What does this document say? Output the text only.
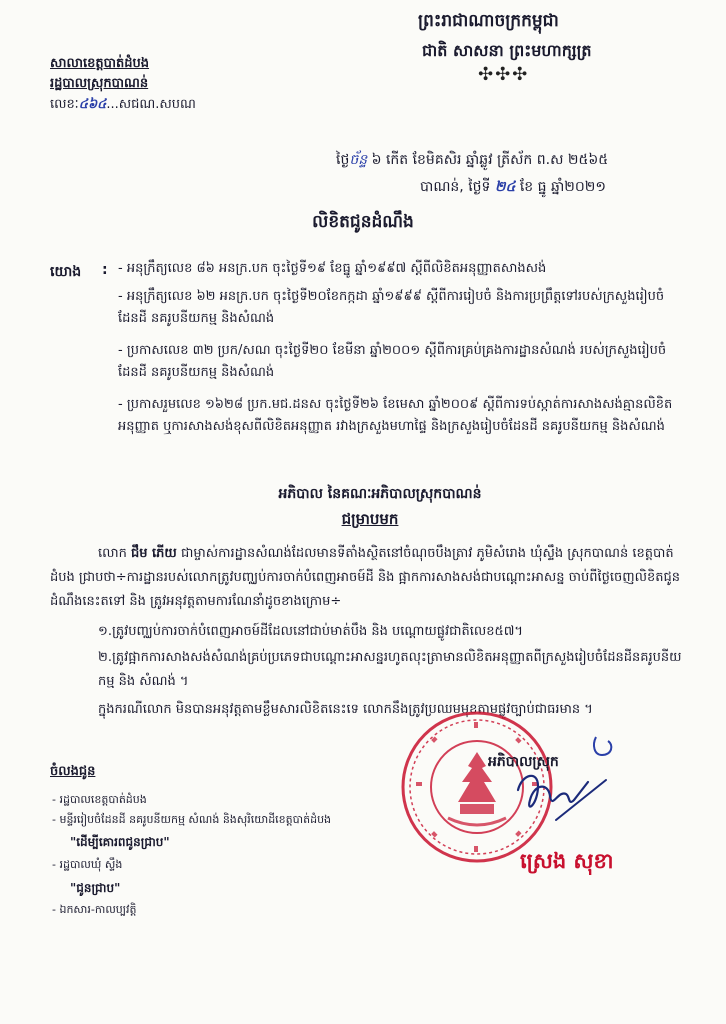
ព្រះរាជាណាចក្រកម្ពុជា
ជាតិ សាសនា ព្រះមហាក្សត្រ
✣✣✣
សាលាខេត្តបាត់ដំបង
រដ្ឋបាលស្រុកបាណន់
លេខៈ៤៦៤...សជណ.សបណ
ថ្ងៃច័ន្ទ ៦ កើត ខែមិគសិរ ឆ្នាំឆ្លូវ ត្រីស័ក ព.ស ២៥៦៥
បាណន់, ថ្ងៃទី ២៤ ខែ ធ្នូ ឆ្នាំ២០២១
លិខិតជូនដំណឹង
យោង : - អនុក្រឹត្យលេខ ៨៦ អនក្រ.បក ចុះថ្ងៃទី១៩ ខែធ្នូ ឆ្នាំ១៩៩៧ ស្តីពីលិខិតអនុញ្ញាតសាងសង់
- អនុក្រឹត្យលេខ ៦២ អនក្រ.បក ចុះថ្ងៃទី២០ខែកក្កដា ឆ្នាំ១៩៩៩ ស្តីពីការរៀបចំ និងការប្រព្រឹត្តទៅរបស់ក្រសួងរៀបចំដែនដី នគរូបនីយកម្ម និងសំណង់
- ប្រកាសលេខ ៣២ ប្រក/សណ ចុះថ្ងៃទី២០ ខែមីនា ឆ្នាំ២០០១ ស្តីពីការគ្រប់គ្រងការដ្ឋានសំណង់ របស់ក្រសួងរៀបចំដែនដី នគរូបនីយកម្ម និងសំណង់
- ប្រកាសរួមលេខ ១៦២៨ ប្រក.មជ.ដនស ចុះថ្ងៃទី២៦ ខែមេសា ឆ្នាំ២០០៩ ស្តីពីការទប់ស្កាត់ការសាងសង់គ្មានលិខិតអនុញ្ញាត ឬការសាងសង់ខុសពីលិខិតអនុញ្ញាត រវាងក្រសួងមហាផ្ទៃ និងក្រសួងរៀបចំដែនដី នគរូបនីយកម្ម និងសំណង់
អភិបាល នៃគណៈអភិបាលស្រុកបាណន់
ជម្រាបមក
លោក ជឹម ភើយ ជាម្ចាស់ការដ្ឋានសំណង់ដែលមានទីតាំងស្ថិតនៅចំណុចបឹងត្រាវ ភូមិសំរោង ឃុំស្ទឹង ស្រុកបាណន់ ខេត្តបាត់ដំបង ជ្រាបថា÷ការដ្ឋានរបស់លោកត្រូវបញ្ឈប់ការចាក់បំពេញអាចម៍ដី និង ផ្អាកការសាងសង់ជាបណ្ដោះអាសន្ន ចាប់ពីថ្ងៃចេញលិខិតជូនដំណឹងនេះតទៅ និង ត្រូវអនុវត្តតាមការណែនាំដូចខាងក្រោម÷
១.ត្រូវបញ្ឈប់ការចាក់បំពេញអាចម៍ដីដែលនៅជាប់មាត់បឹង និង បណ្ដោយផ្លូវជាតិលេខ៥៧។
២.ត្រូវផ្អាកការសាងសង់សំណង់គ្រប់ប្រភេទជាបណ្ដោះអាសន្នរហូតលុះត្រាមានលិខិតអនុញ្ញាតពីក្រសួងរៀបចំដែនដីនគរូបនីយកម្ម និង សំណង់ ។
ក្នុងករណីលោក មិនបានអនុវត្តតាមខ្លឹមសារលិខិតនេះទេ លោកនឹងត្រូវប្រឈមមុខតាមផ្លូវច្បាប់ជាធរមាន ។
ចំលងជូន
- រដ្ឋបាលខេត្តបាត់ដំបង
- មន្ទីររៀបចំដែនដី នគរូបនីយកម្ម សំណង់ និងសុរិយោដីខេត្តបាត់ដំបង
"ដើម្បីគោរពជូនជ្រាប"
- រដ្ឋបាលឃុំ ស្ទឹង
"ជូនជ្រាប"
- ឯកសារ-កាលប្បវត្តិ
អភិបាលស្រុក
ស្រេង សុខា
